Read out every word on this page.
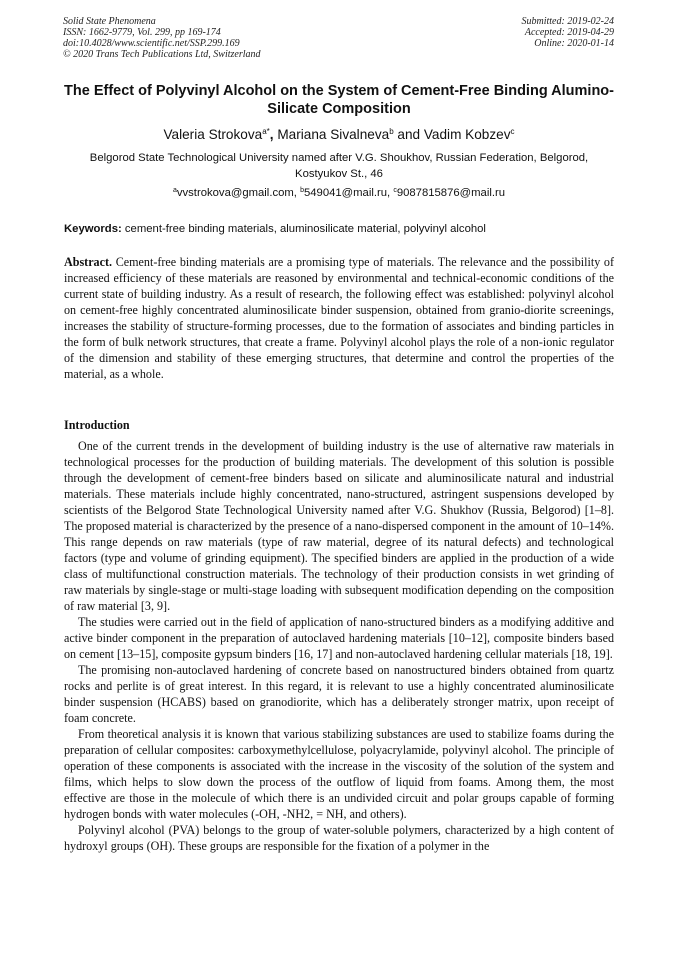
Solid State Phenomena
ISSN: 1662-9779, Vol. 299, pp 169-174
doi:10.4028/www.scientific.net/SSP.299.169
© 2020 Trans Tech Publications Ltd, Switzerland
Submitted: 2019-02-24
Accepted: 2019-04-29
Online: 2020-01-14
The Effect of Polyvinyl Alcohol on the System of Cement-Free Binding Alumino-Silicate Composition
Valeria Strokova$^{a*}$, Mariana Sivalneva$^b$ and Vadim Kobzev$^c$
Belgorod State Technological University named after V.G. Shoukhov, Russian Federation, Belgorod, Kostyukov St., 46
$^a$vvstrokova@gmail.com, $^b$549041@mail.ru, $^c$9087815876@mail.ru
Keywords: cement-free binding materials, aluminosilicate material, polyvinyl alcohol
Abstract. Cement-free binding materials are a promising type of materials. The relevance and the possibility of increased efficiency of these materials are reasoned by environmental and technical-economic conditions of the current state of building industry. As a result of research, the following effect was established: polyvinyl alcohol on cement-free highly concentrated aluminosilicate binder suspension, obtained from granio-diorite screenings, increases the stability of structure-forming processes, due to the formation of associates and binding particles in the form of bulk network structures, that create a frame. Polyvinyl alcohol plays the role of a non-ionic regulator of the dimension and stability of these emerging structures, that determine and control the properties of the material, as a whole.
Introduction

One of the current trends in the development of building industry is the use of alternative raw materials in technological processes for the production of building materials. The development of this solution is possible through the development of cement-free binders based on silicate and aluminosilicate natural and industrial materials. These materials include highly concentrated, nano-structured, astringent suspensions developed by scientists of the Belgorod State Technological University named after V.G. Shukhov (Russia, Belgorod) [1–8]. The proposed material is characterized by the presence of a nano-dispersed component in the amount of 10–14%. This range depends on raw materials (type of raw material, degree of its natural defects) and technological factors (type and volume of grinding equipment). The specified binders are applied in the production of a wide class of multifunctional construction materials. The technology of their production consists in wet grinding of raw materials by single-stage or multi-stage loading with subsequent modification depending on the composition of raw material [3, 9].

The studies were carried out in the field of application of nano-structured binders as a modifying additive and active binder component in the preparation of autoclaved hardening materials [10–12], composite binders based on cement [13–15], composite gypsum binders [16, 17] and non-autoclaved hardening cellular materials [18, 19].

The promising non-autoclaved hardening of concrete based on nanostructured binders obtained from quartz rocks and perlite is of great interest. In this regard, it is relevant to use a highly concentrated aluminosilicate binder suspension (HCABS) based on granodiorite, which has a deliberately stronger matrix, upon receipt of foam concrete.

From theoretical analysis it is known that various stabilizing substances are used to stabilize foams during the preparation of cellular composites: carboxymethylcellulose, polyacrylamide, polyvinyl alcohol. The principle of operation of these components is associated with the increase in the viscosity of the solution of the system and films, which helps to slow down the process of the outflow of liquid from foams. Among them, the most effective are those in the molecule of which there is an undivided circuit and polar groups capable of forming hydrogen bonds with water molecules (-OH, -NH2, = NH, and others).

Polyvinyl alcohol (PVA) belongs to the group of water-soluble polymers, characterized by a high content of hydroxyl groups (OH). These groups are responsible for the fixation of a polymer in the
